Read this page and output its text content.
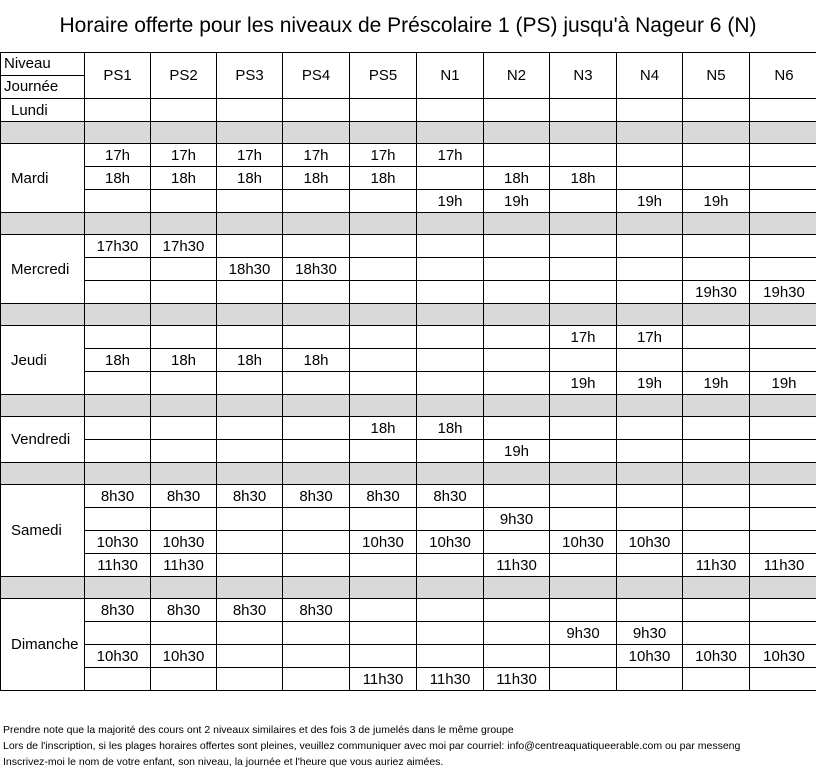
Horaire offerte pour les niveaux de Préscolaire 1 (PS) jusqu'à Nageur 6 (N)
Niveau
Journée	PS1	PS2	PS3	PS4	PS5	N1	N2	N3	N4	N5	N6
Lundi											

Mardi	17h	17h	17h	17h	17h	17h					
	18h	18h	18h	18h	18h		18h	18h			
						19h	19h		19h	19h	

Mercredi	17h30	17h30									
			18h30	18h30							
										19h30	19h30

Jeudi								17h	17h		
	18h	18h	18h	18h							
								19h	19h	19h	19h

Vendredi					18h	18h					
							19h				

Samedi	8h30	8h30	8h30	8h30	8h30	8h30					
							9h30				
	10h30	10h30			10h30	10h30		10h30	10h30		
	11h30	11h30					11h30			11h30	11h30

Dimanche	8h30	8h30	8h30	8h30							
								9h30	9h30		
	10h30	10h30							10h30	10h30	10h30
					11h30	11h30	11h30				
Prendre note que la majorité des cours ont 2 niveaux similaires et des fois 3 de jumelés dans le même groupe
Lors de l'inscription, si les plages horaires offertes sont pleines, veuillez communiquer avec moi par courriel: info@centreaquatiqueerable.com ou par messeng
Inscrivez-moi le nom de votre enfant, son niveau, la journée et l'heure que vous auriez aimées.
